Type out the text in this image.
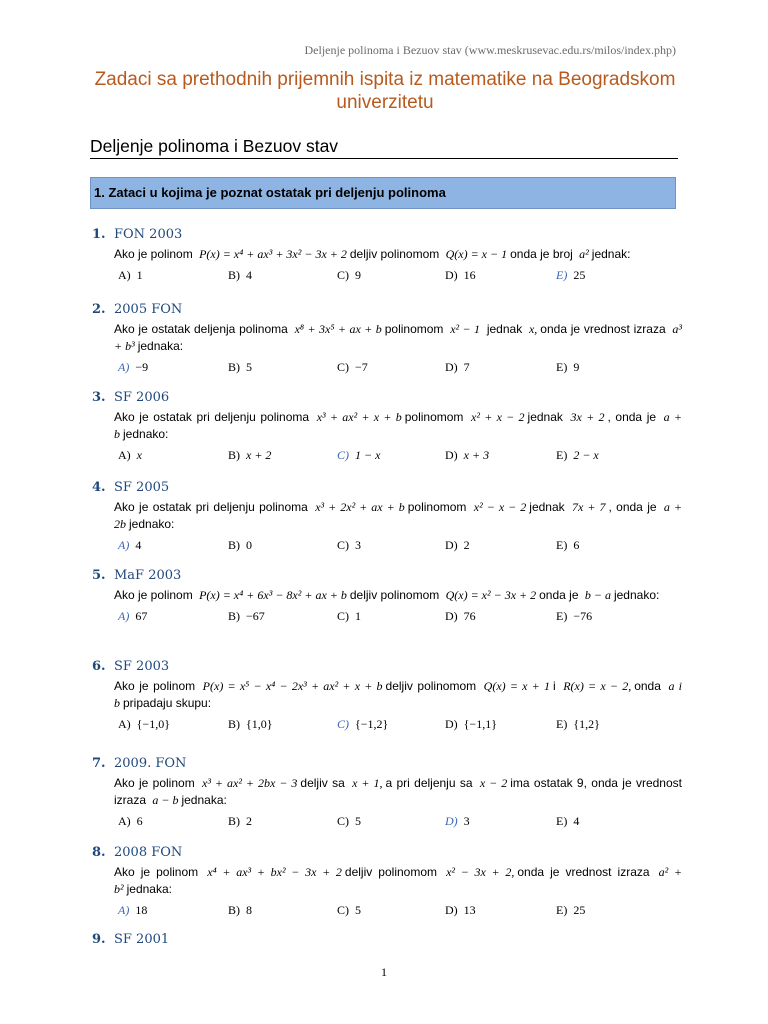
Deljenje polinoma i Bezuov stav (www.meskrusevac.edu.rs/milos/index.php)
Zadaci sa prethodnih prijemnih ispita iz matematike na Beogradskom univerzitetu
Deljenje polinoma i Bezuov stav
1. Zataci u kojima je poznat ostatak pri deljenju polinoma
1. FON 2003
Ako je polinom P(x) = x⁴ + ax³ + 3x² − 3x + 2 deljiv polinomom Q(x) = x − 1 onda je broj a² jednak:
A) 1	B) 4	C) 9	D) 16	E) 25
2. 2005 FON
Ako je ostatak deljenja polinoma x⁸ + 3x⁵ + ax + b polinomom x² − 1 jednak x, onda je vrednost izraza a³ + b³ jednaka:
A) −9	B) 5	C) −7	D) 7	E) 9
3. SF 2006
Ako je ostatak pri deljenju polinoma x³ + ax² + x + b polinomom x² + x − 2 jednak 3x + 2 , onda je a + b jednako:
A) x	B) x + 2	C) 1 − x	D) x + 3	E) 2 − x
4. SF 2005
Ako je ostatak pri deljenju polinoma x³ + 2x² + ax + b polinomom x² − x − 2 jednak 7x + 7 , onda je a + 2b jednako:
A) 4	B) 0	C) 3	D) 2	E) 6
5. MaF 2003
Ako je polinom P(x) = x⁴ + 6x³ − 8x² + ax + b deljiv polinomom Q(x) = x² − 3x + 2 onda je b − a jednako:
A) 67	B) −67	C) 1	D) 76	E) −76
6. SF 2003
Ako je polinom P(x) = x⁵ − x⁴ − 2x³ + ax² + x + b deljiv polinomom Q(x) = x + 1 i R(x) = x − 2, onda a i b pripadaju skupu:
A) {−1,0}	B) {1,0}	C) {−1,2}	D) {−1,1}	E) {1,2}
7. 2009. FON
Ako je polinom x³ + ax² + 2bx − 3 deljiv sa x + 1, a pri deljenju sa x − 2 ima ostatak 9, onda je vrednost izraza a − b jednaka:
A) 6	B) 2	C) 5	D) 3	E) 4
8. 2008 FON
Ako je polinom x⁴ + ax³ + bx² − 3x + 2 deljiv polinomom x² − 3x + 2, onda je vrednost izraza a² + b² jednaka:
A) 18	B) 8	C) 5	D) 13	E) 25
9. SF 2001
1
